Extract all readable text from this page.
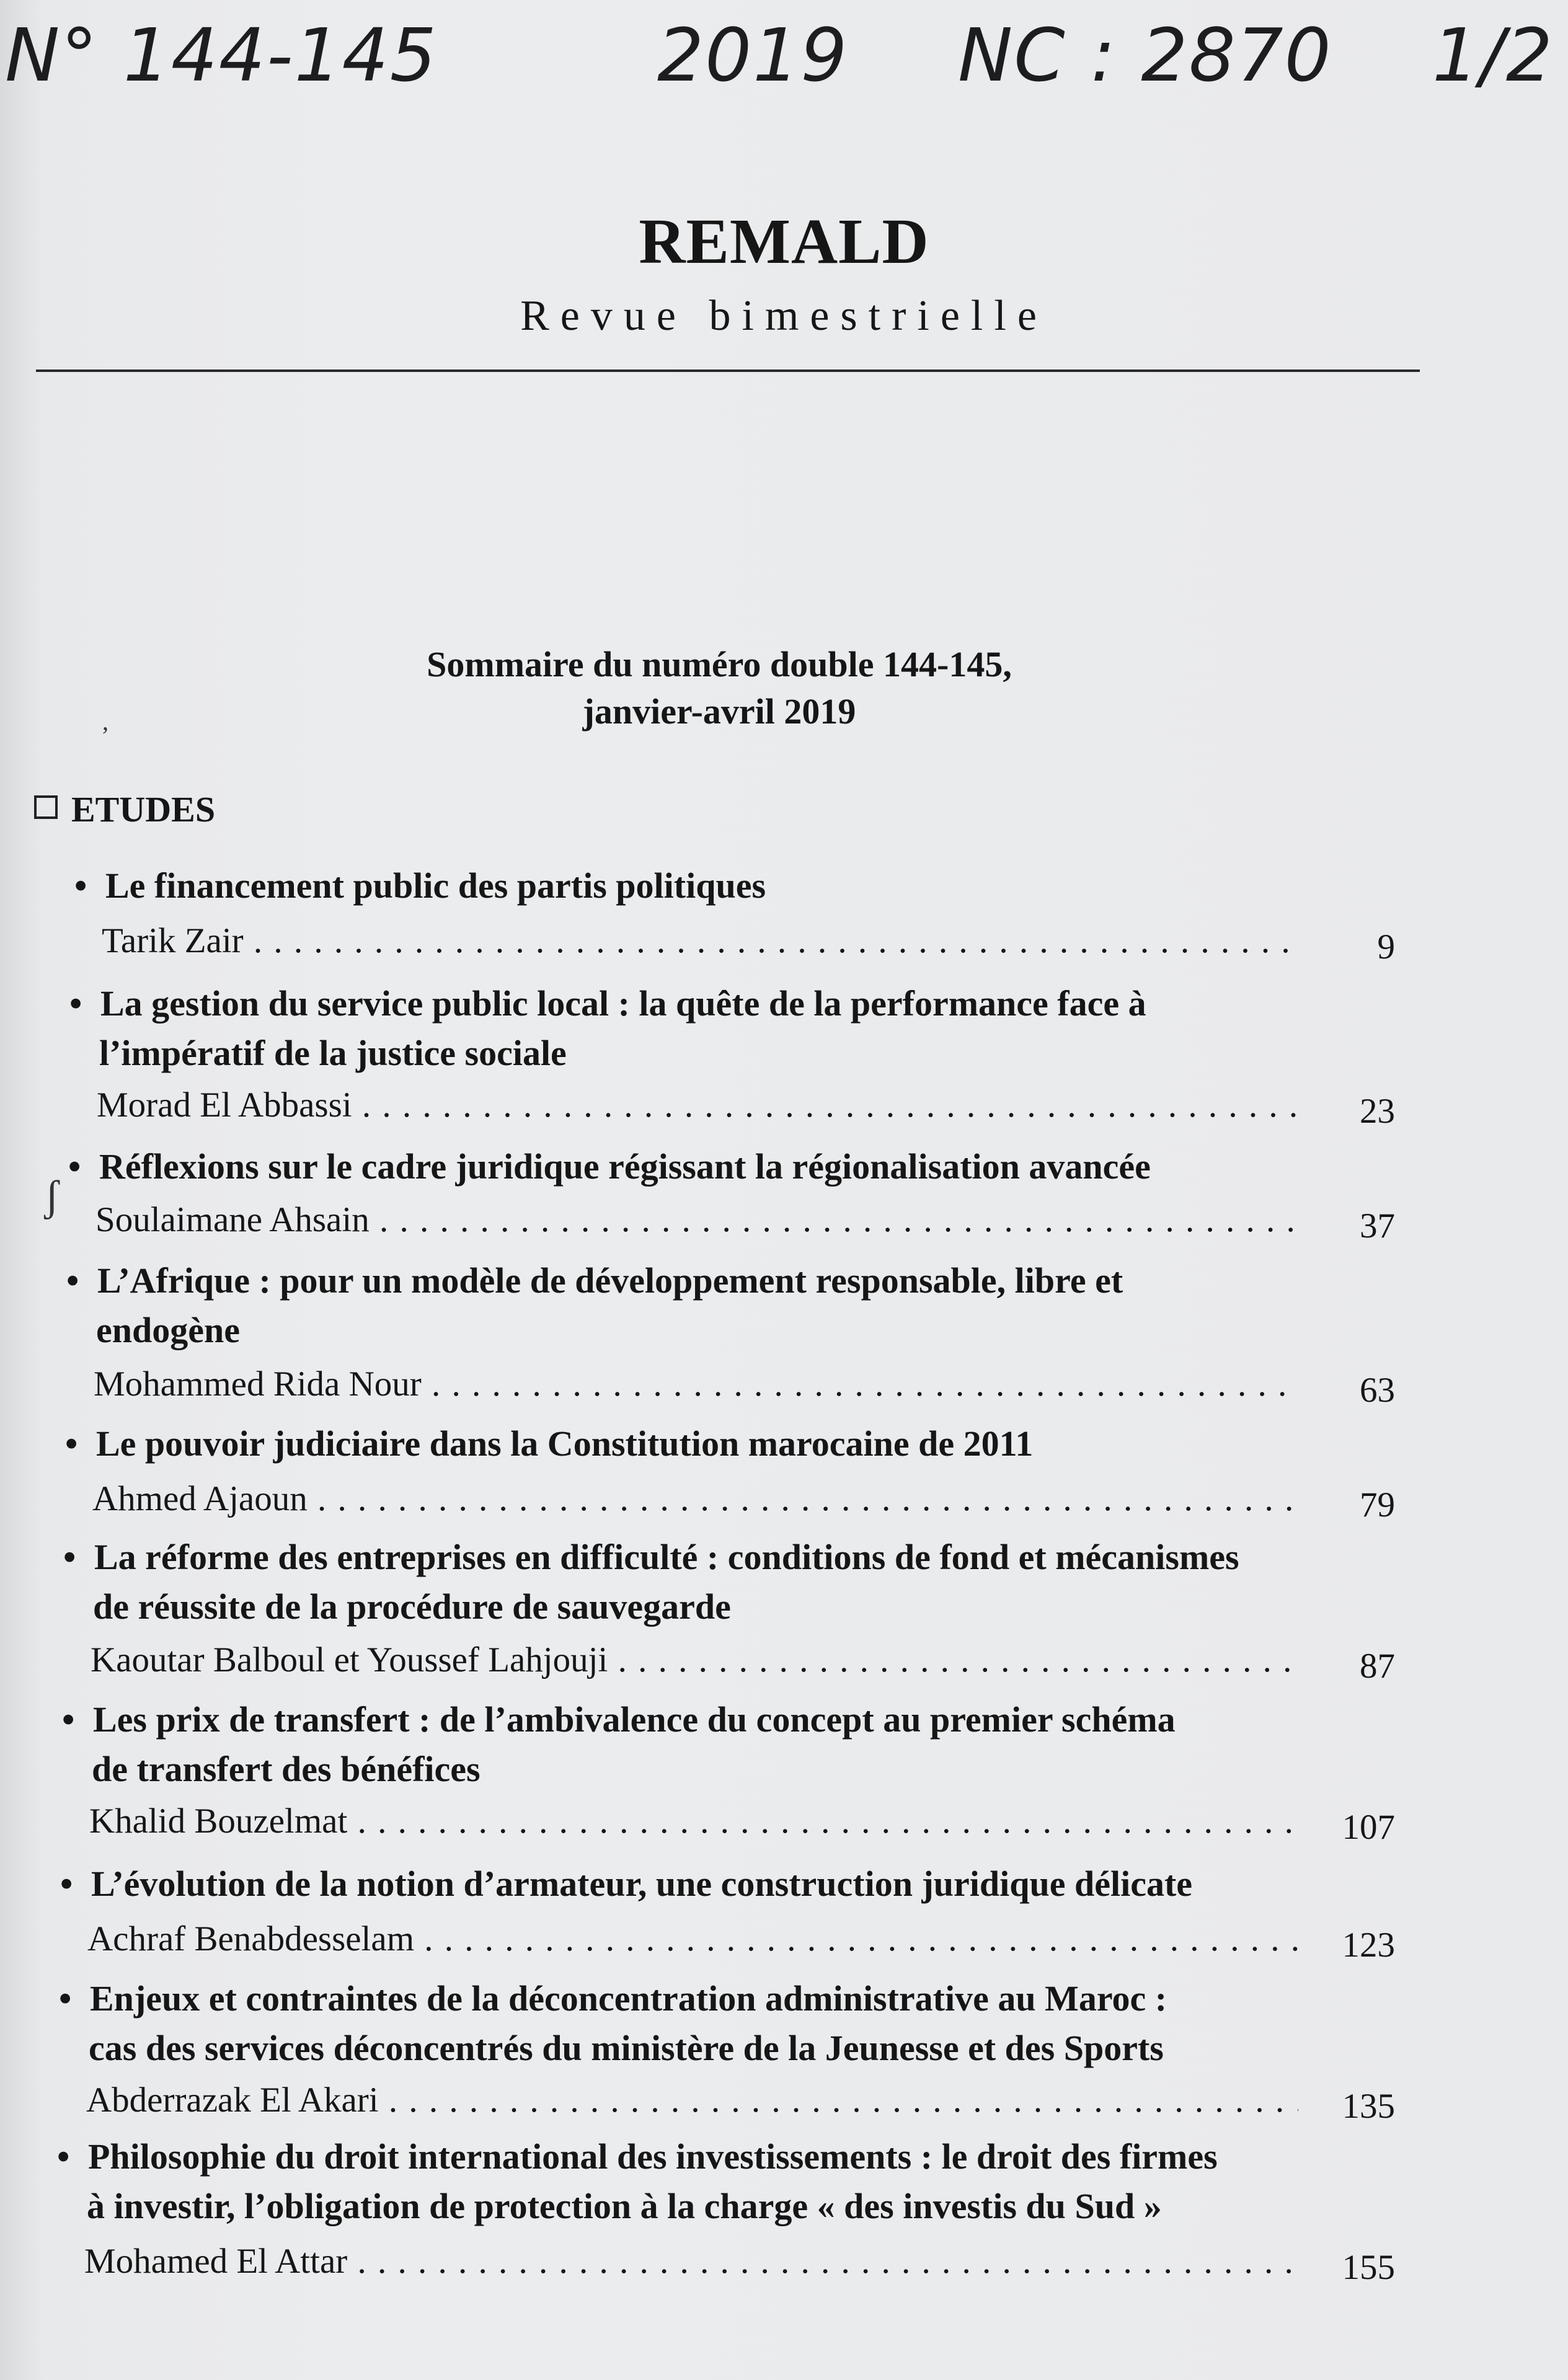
N° 144-145	2019 NC : 2870 1/2
REMALD
Revue bimestrielle
Sommaire du numéro double 144-145,
janvier-avril 2019
,
ETUDES
ʃ
• Le financement public des partis politiques
Tarik Zair . . .	9
• La gestion du service public local : la quête de la performance face à
l’impératif de la justice sociale
Morad El Abbassi . . .	23
• Réflexions sur le cadre juridique régissant la régionalisation avancée
Soulaimane Ahsain . . .	37
• L’Afrique : pour un modèle de développement responsable, libre et
endogène
Mohammed Rida Nour . . .	63
• Le pouvoir judiciaire dans la Constitution marocaine de 2011
Ahmed Ajaoun . . .	79
• La réforme des entreprises en difficulté : conditions de fond et mécanismes
de réussite de la procédure de sauvegarde
Kaoutar Balboul et Youssef Lahjouji . . .	87
• Les prix de transfert : de l’ambivalence du concept au premier schéma
de transfert des bénéfices
Khalid Bouzelmat . . .	107
• L’évolution de la notion d’armateur, une construction juridique délicate
Achraf Benabdesselam . . .	123
• Enjeux et contraintes de la déconcentration administrative au Maroc :
cas des services déconcentrés du ministère de la Jeunesse et des Sports
Abderrazak El Akari . . .	135
• Philosophie du droit international des investissements : le droit des firmes
à investir, l’obligation de protection à la charge « des investis du Sud »
Mohamed El Attar . . .	155
